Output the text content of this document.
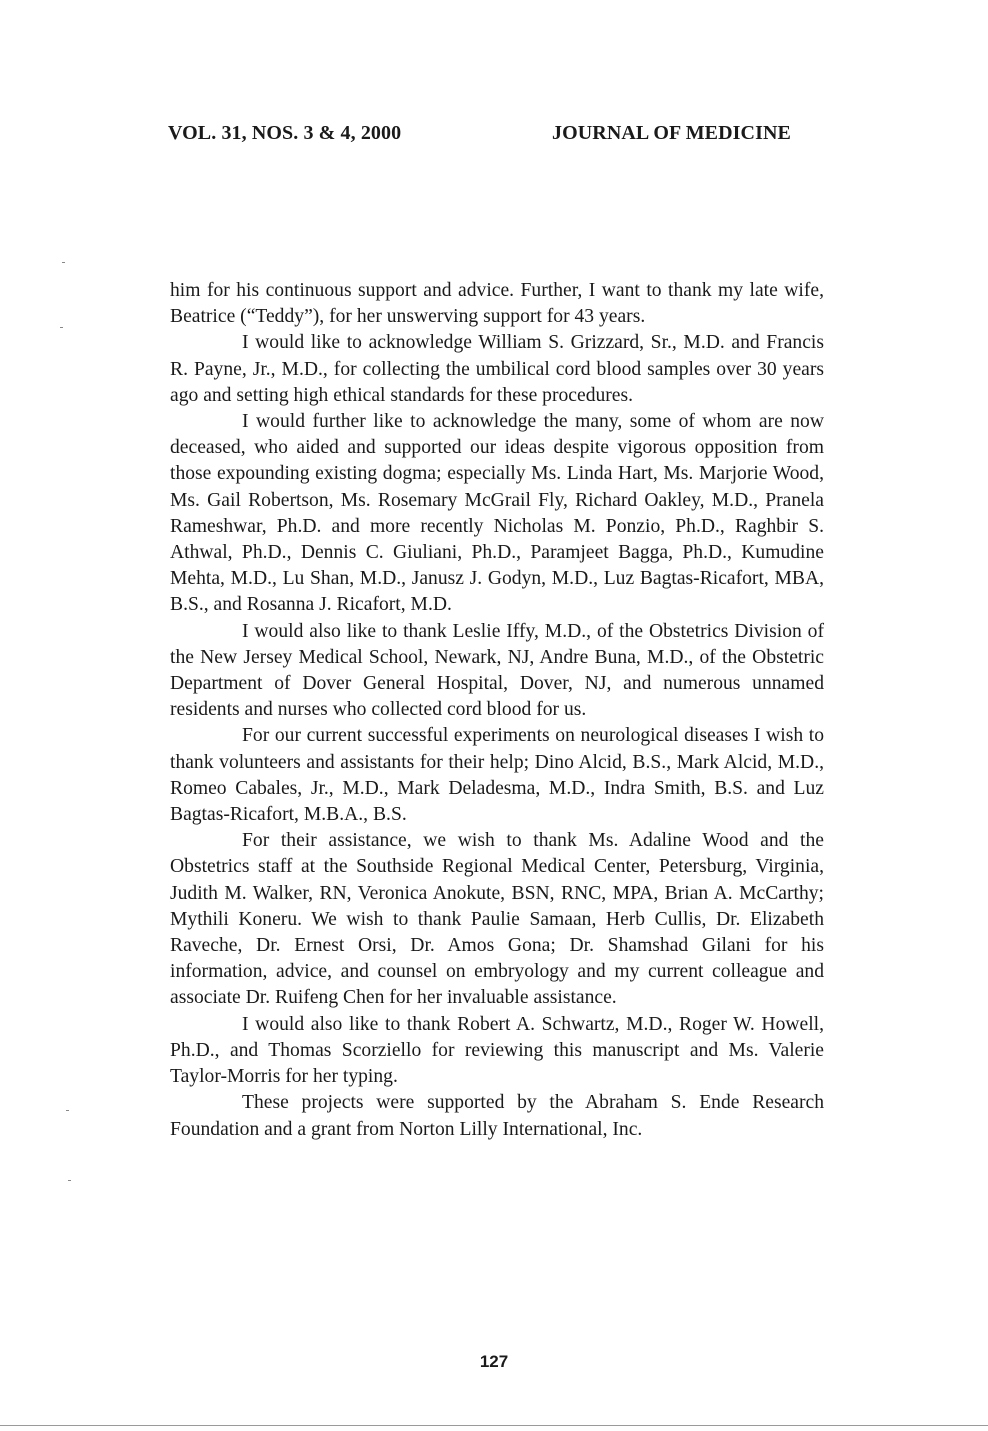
VOL. 31, NOS. 3 & 4, 2000	JOURNAL OF MEDICINE

him for his continuous support and advice. Further, I want to thank my late wife, Beatrice (“Teddy”), for her unswerving support for 43 years.

I would like to acknowledge William S. Grizzard, Sr., M.D. and Francis R. Payne, Jr., M.D., for collecting the umbilical cord blood samples over 30 years ago and setting high ethical standards for these procedures.

I would further like to acknowledge the many, some of whom are now deceased, who aided and supported our ideas despite vigorous opposition from those expounding existing dogma; especially Ms. Linda Hart, Ms. Marjorie Wood, Ms. Gail Robertson, Ms. Rosemary McGrail Fly, Richard Oakley, M.D., Pranela Rameshwar, Ph.D. and more recently Nicholas M. Ponzio, Ph.D., Raghbir S. Athwal, Ph.D., Dennis C. Giuliani, Ph.D., Paramjeet Bagga, Ph.D., Kumudine Mehta, M.D., Lu Shan, M.D., Janusz J. Godyn, M.D., Luz Bagtas-Ricafort, MBA, B.S., and Rosanna J. Ricafort, M.D.

I would also like to thank Leslie Iffy, M.D., of the Obstetrics Division of the New Jersey Medical School, Newark, NJ, Andre Buna, M.D., of the Obstetric Department of Dover General Hospital, Dover, NJ, and numerous unnamed residents and nurses who collected cord blood for us.

For our current successful experiments on neurological diseases I wish to thank volunteers and assistants for their help; Dino Alcid, B.S., Mark Alcid, M.D., Romeo Cabales, Jr., M.D., Mark Deladesma, M.D., Indra Smith, B.S. and Luz Bagtas-Ricafort, M.B.A., B.S.

For their assistance, we wish to thank Ms. Adaline Wood and the Obstetrics staff at the Southside Regional Medical Center, Petersburg, Virginia, Judith M. Walker, RN, Veronica Anokute, BSN, RNC, MPA, Brian A. McCarthy; Mythili Koneru. We wish to thank Paulie Samaan, Herb Cullis, Dr. Elizabeth Raveche, Dr. Ernest Orsi, Dr. Amos Gona; Dr. Shamshad Gilani for his information, advice, and counsel on embryology and my current colleague and associate Dr. Ruifeng Chen for her invaluable assistance.

I would also like to thank Robert A. Schwartz, M.D., Roger W. Howell, Ph.D., and Thomas Scorziello for reviewing this manuscript and Ms. Valerie Taylor-Morris for her typing.

These projects were supported by the Abraham S. Ende Research Foundation and a grant from Norton Lilly International, Inc.

127
